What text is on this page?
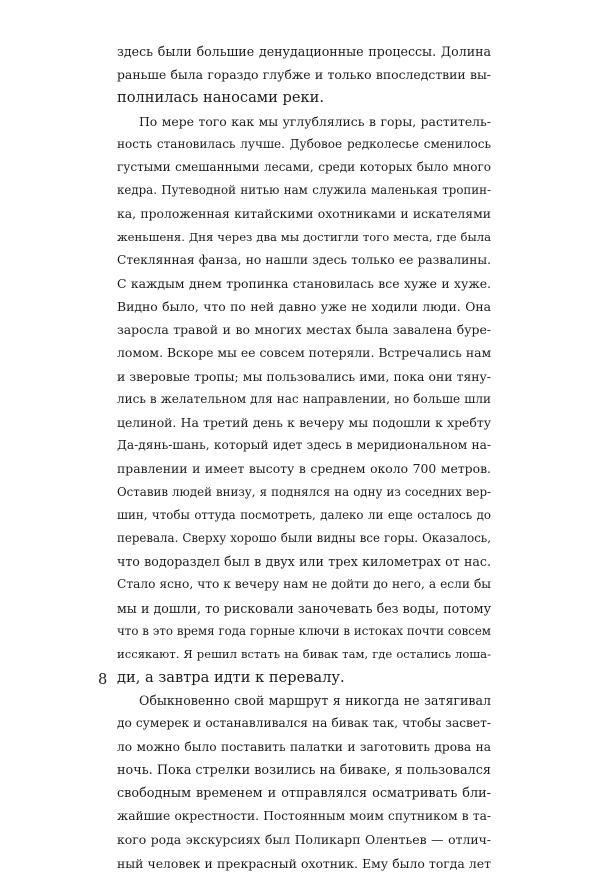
здесь были большие денудационные процессы. Долина
раньше была гораздо глубже и только впоследствии вы-
полнилась наносами реки.
По мере того как мы углублялись в горы, раститель-
ность становилась лучше. Дубовое редколесье сменилось
густыми смешанными лесами, среди которых было много
кедра. Путеводной нитью нам служила маленькая тропин-
ка, проложенная китайскими охотниками и искателями
женьшеня. Дня через два мы достигли того места, где была
Стеклянная фанза, но нашли здесь только ее развалины.
С каждым днем тропинка становилась все хуже и хуже.
Видно было, что по ней давно уже не ходили люди. Она
заросла травой и во многих местах была завалена буре-
ломом. Вскоре мы ее совсем потеряли. Встречались нам
и зверовые тропы; мы пользовались ими, пока они тяну-
лись в желательном для нас направлении, но больше шли
целиной. На третий день к вечеру мы подошли к хребту
Да-дянь-шань, который идет здесь в меридиональном на-
правлении и имеет высоту в среднем около 700 метров.
Оставив людей внизу, я поднялся на одну из соседних вер-
шин, чтобы оттуда посмотреть, далеко ли еще осталось до
перевала. Сверху хорошо были видны все горы. Оказалось,
что водораздел был в двух или трех километрах от нас.
Стало ясно, что к вечеру нам не дойти до него, а если бы
мы и дошли, то рисковали заночевать без воды, потому
что в это время года горные ключи в истоках почти совсем
иссякают. Я решил встать на бивак там, где остались лоша-
ди, а завтра идти к перевалу.
Обыкновенно свой маршрут я никогда не затягивал
до сумерек и останавливался на бивак так, чтобы засвет-
ло можно было поставить палатки и заготовить дрова на
ночь. Пока стрелки возились на биваке, я пользовался
свободным временем и отправлялся осматривать бли-
жайшие окрестности. Постоянным моим спутником в та-
кого рода экскурсиях был Поликарп Олентьев — отлич-
ный человек и прекрасный охотник. Ему было тогда лет
8
